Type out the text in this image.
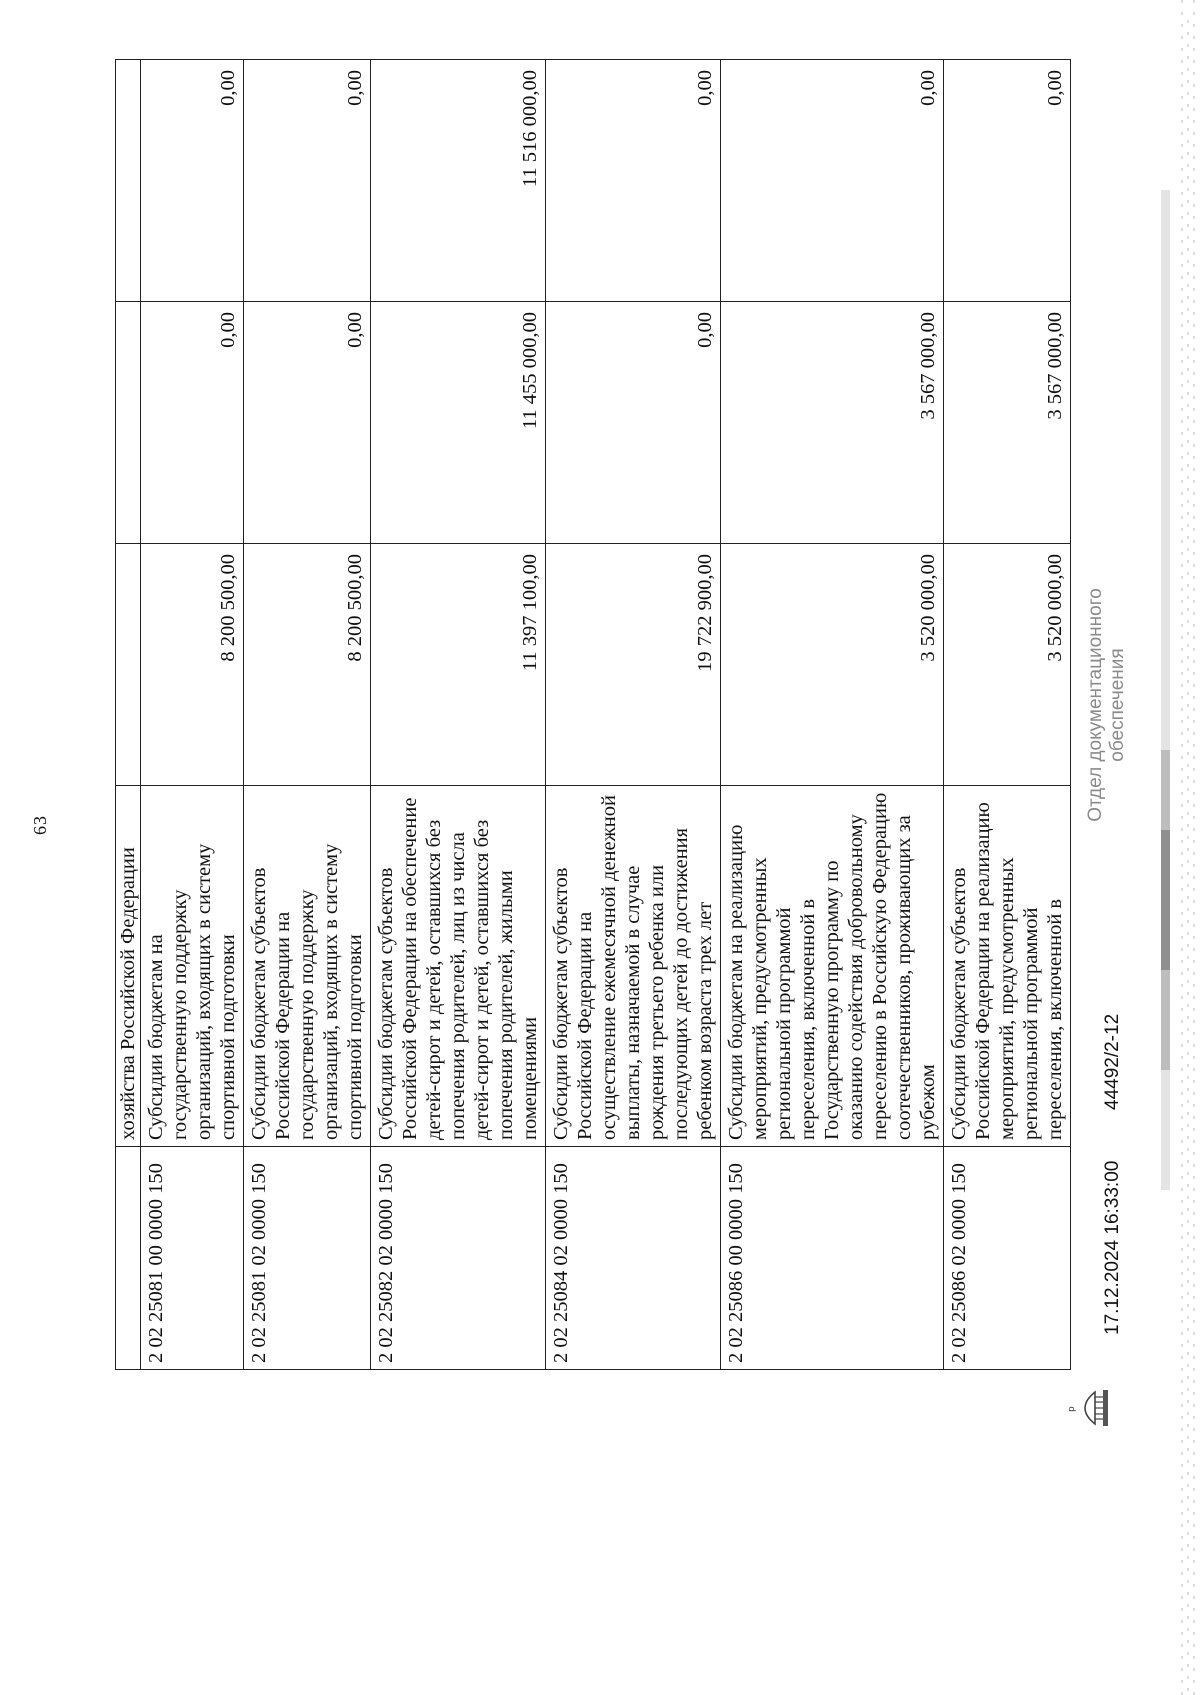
63

	хозяйства Российской Федерации			

2 02 25081 00 0000 150	Субсидии бюджетам на государственную поддержку организаций, входящих в систему спортивной подготовки	8 200 500,00	0,00	0,00
2 02 25081 02 0000 150	Субсидии бюджетам субъектов Российской Федерации на государственную поддержку организаций, входящих в систему спортивной подготовки	8 200 500,00	0,00	0,00
2 02 25082 02 0000 150	Субсидии бюджетам субъектов Российской Федерации на обеспечение детей-сирот и детей, оставшихся без попечения родителей, лиц из числа детей-сирот и детей, оставшихся без попечения родителей, жилыми помещениями	11 397 100,00	11 455 000,00	11 516 000,00
2 02 25084 02 0000 150	Субсидии бюджетам субъектов Российской Федерации на осуществление ежемесячной денежной выплаты, назначаемой в случае рождения третьего ребенка или последующих детей до достижения ребенком возраста трех лет	19 722 900,00	0,00	0,00
2 02 25086 00 0000 150	Субсидии бюджетам на реализацию мероприятий, предусмотренных региональной программой переселения, включенной в Государственную программу по оказанию содействия добровольному переселению в Российскую Федерацию соотечественников, проживающих за рубежом	3 520 000,00	3 567 000,00	0,00
2 02 25086 02 0000 150	Субсидии бюджетам субъектов Российской Федерации на реализацию мероприятий, предусмотренных региональной программой переселения, включенной в	3 520 000,00	3 567 000,00	0,00
р
17.12.2024 16:33:00
44492/2-12
Отдел документационного обеспечения
